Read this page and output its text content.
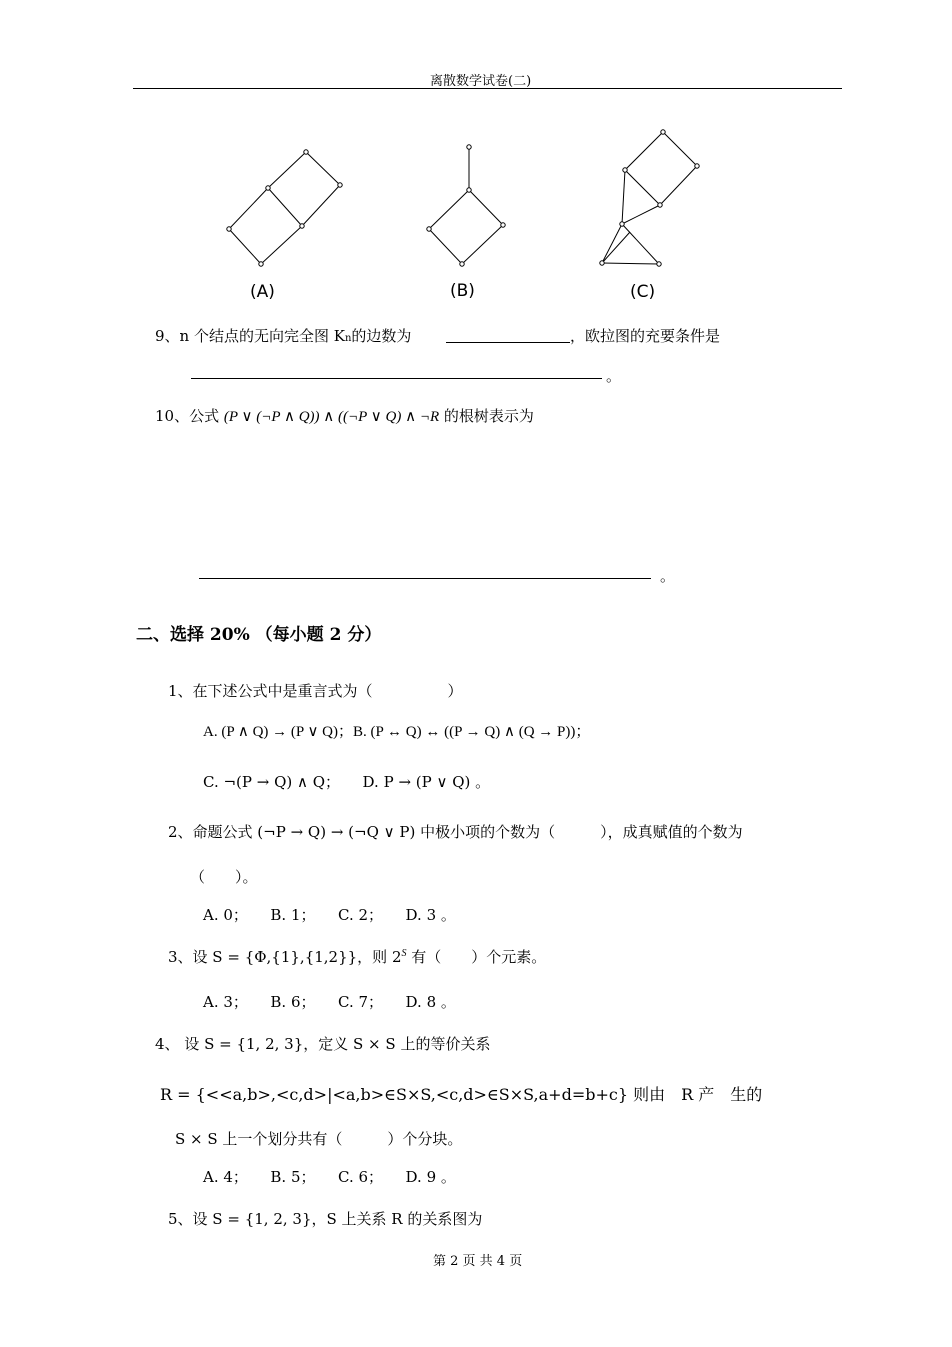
离散数学试卷(二)
(A)	(B)	(C)
9、n 个结点的无向完全图 Kn的边数为	，欧拉图的充要条件是
。
10、公式 (P ∨ (¬P ∧ Q)) ∧ ((¬P ∨ Q) ∧ ¬R 的根树表示为
。
二、选择 20% （每小题 2 分）
1、在下述公式中是重言式为（　　　　　）
A. (P ∧ Q) → (P ∨ Q)；B. (P ↔ Q) ↔ ((P → Q) ∧ (Q → P))；
C. ¬(P → Q) ∧ Q；　　D. P → (P ∨ Q) 。
2、命题公式 (¬P → Q) → (¬Q ∨ P) 中极小项的个数为（　　　），成真赋值的个数为
（　　）。
A. 0；　　B. 1；　　C. 2；　　D. 3 。
3、设 S = {Φ,{1},{1,2}}，则 $2^S$ 有（　　）个元素。
A. 3；　　B. 6；　　C. 7；　　D. 8 。
4、 设 S = {1, 2, 3}，定义 S × S 上的等价关系
R = {<<a,b>,<c,d>|<a,b>∈S×S,<c,d>∈S×S,a+d=b+c} 则由　R 产　生的
S × S 上一个划分共有（　　　）个分块。
A. 4；　　B. 5；　　C. 6；　　D. 9 。
5、设 S = {1, 2, 3}，S 上关系 R 的关系图为
第 2 页 共 4 页
